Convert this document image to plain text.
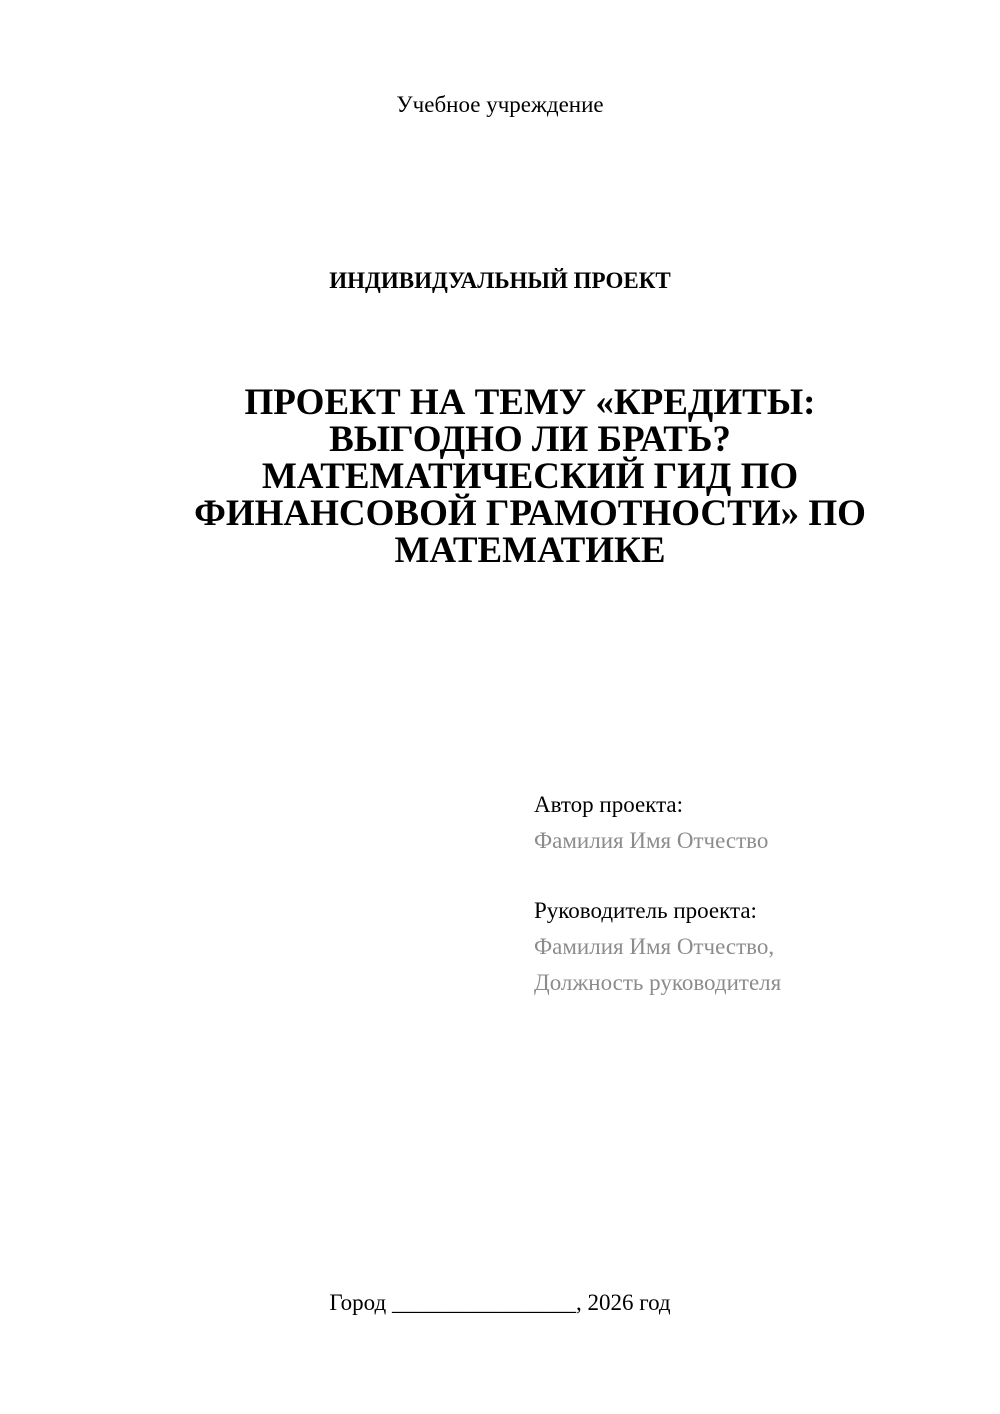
Учебное учреждение
ИНДИВИДУАЛЬНЫЙ ПРОЕКТ
ПРОЕКТ НА ТЕМУ «КРЕДИТЫ:
ВЫГОДНО ЛИ БРАТЬ?
МАТЕМАТИЧЕСКИЙ ГИД ПО
ФИНАНСОВОЙ ГРАМОТНОСТИ» ПО
МАТЕМАТИКЕ
Автор проекта:
Фамилия Имя Отчество
Руководитель проекта:
Фамилия Имя Отчество,
Должность руководителя
Город ________________, 2026 год
